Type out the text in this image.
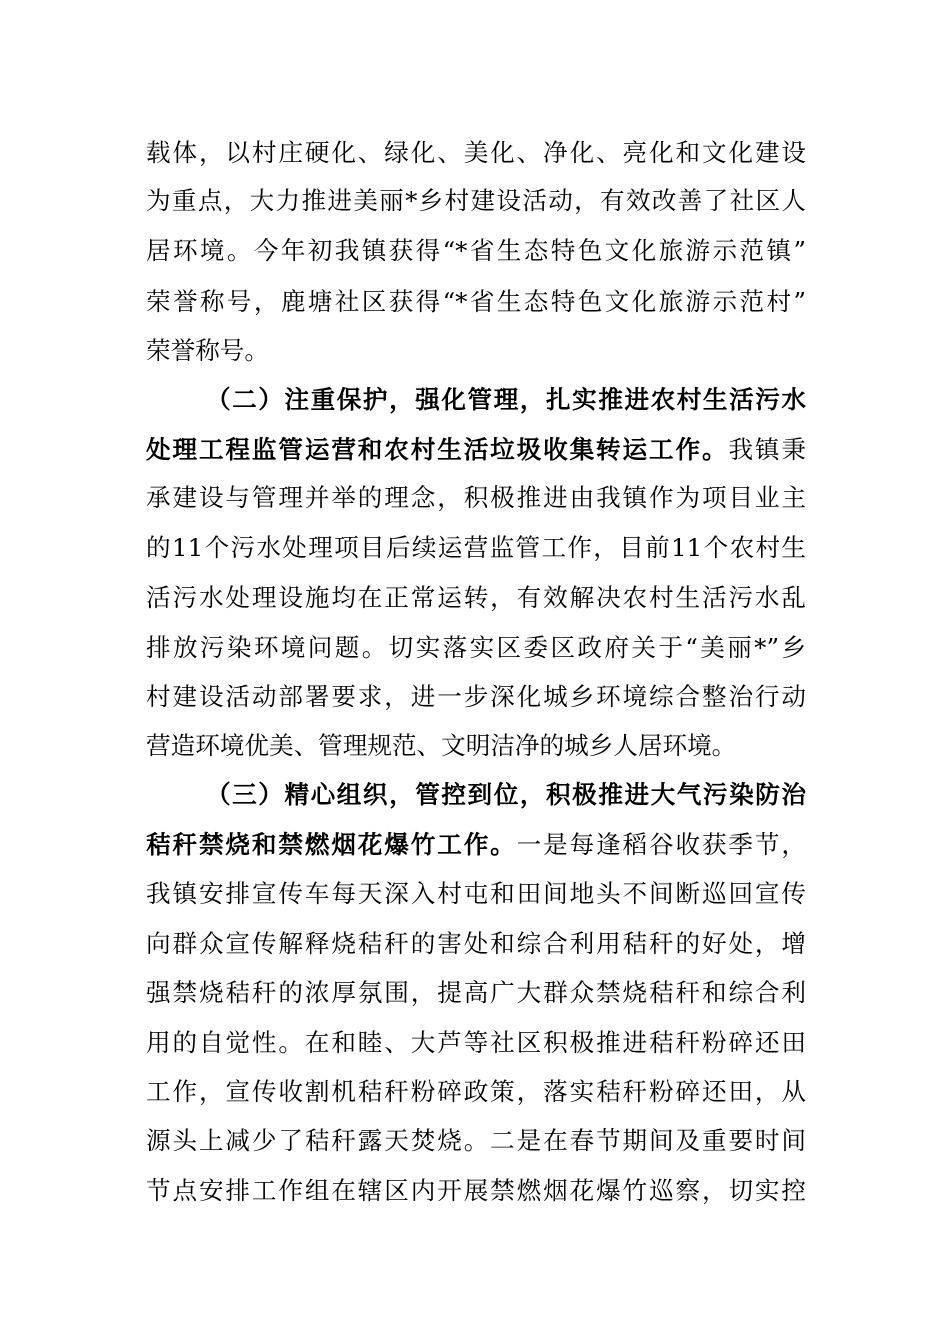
载体，以村庄硬化、绿化、美化、净化、亮化和文化建设
为重点，大力推进美丽*乡村建设活动，有效改善了社区人
居环境。今年初我镇获得“*省生态特色文化旅游示范镇”
荣誉称号，鹿塘社区获得“*省生态特色文化旅游示范村”
荣誉称号。
（二）注重保护，强化管理，扎实推进农村生活污水
处理工程监管运营和农村生活垃圾收集转运工作。我镇秉
承建设与管理并举的理念，积极推进由我镇作为项目业主
的11个污水处理项目后续运营监管工作，目前11个农村生
活污水处理设施均在正常运转，有效解决农村生活污水乱
排放污染环境问题。切实落实区委区政府关于“美丽*”乡
村建设活动部署要求，进一步深化城乡环境综合整治行动
营造环境优美、管理规范、文明洁净的城乡人居环境。
（三）精心组织，管控到位，积极推进大气污染防治
秸秆禁烧和禁燃烟花爆竹工作。一是每逢稻谷收获季节，
我镇安排宣传车每天深入村屯和田间地头不间断巡回宣传
向群众宣传解释烧秸秆的害处和综合利用秸秆的好处，增
强禁烧秸秆的浓厚氛围，提高广大群众禁烧秸秆和综合利
用的自觉性。在和睦、大芦等社区积极推进秸秆粉碎还田
工作，宣传收割机秸秆粉碎政策，落实秸秆粉碎还田，从
源头上减少了秸秆露天焚烧。二是在春节期间及重要时间
节点安排工作组在辖区内开展禁燃烟花爆竹巡察，切实控
